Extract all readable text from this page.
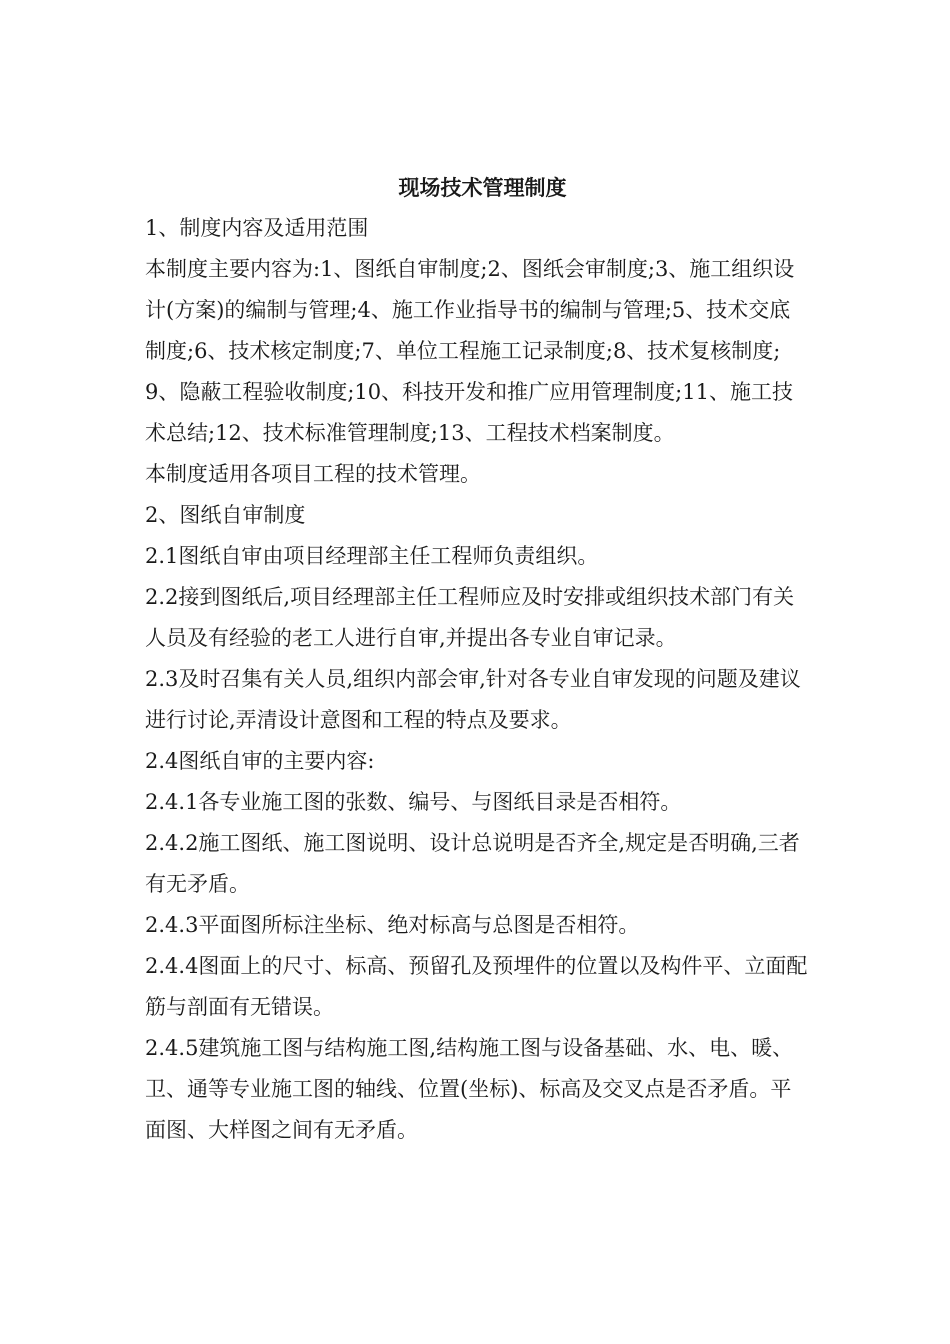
现场技术管理制度

1、制度内容及适用范围

本制度主要内容为:1、图纸自审制度;2、图纸会审制度;3、施工组织设计(方案)的编制与管理;4、施工作业指导书的编制与管理;5、技术交底制度;6、技术核定制度;7、单位工程施工记录制度;8、技术复核制度;9、隐蔽工程验收制度;10、科技开发和推广应用管理制度;11、施工技术总结;12、技术标准管理制度;13、工程技术档案制度。

本制度适用各项目工程的技术管理。

2、图纸自审制度

2.1图纸自审由项目经理部主任工程师负责组织。

2.2接到图纸后,项目经理部主任工程师应及时安排或组织技术部门有关人员及有经验的老工人进行自审,并提出各专业自审记录。

2.3及时召集有关人员,组织内部会审,针对各专业自审发现的问题及建议进行讨论,弄清设计意图和工程的特点及要求。

2.4图纸自审的主要内容:

2.4.1各专业施工图的张数、编号、与图纸目录是否相符。

2.4.2施工图纸、施工图说明、设计总说明是否齐全,规定是否明确,三者有无矛盾。

2.4.3平面图所标注坐标、绝对标高与总图是否相符。

2.4.4图面上的尺寸、标高、预留孔及预埋件的位置以及构件平、立面配筋与剖面有无错误。

2.4.5建筑施工图与结构施工图,结构施工图与设备基础、水、电、暖、卫、通等专业施工图的轴线、位置(坐标)、标高及交叉点是否矛盾。平面图、大样图之间有无矛盾。
